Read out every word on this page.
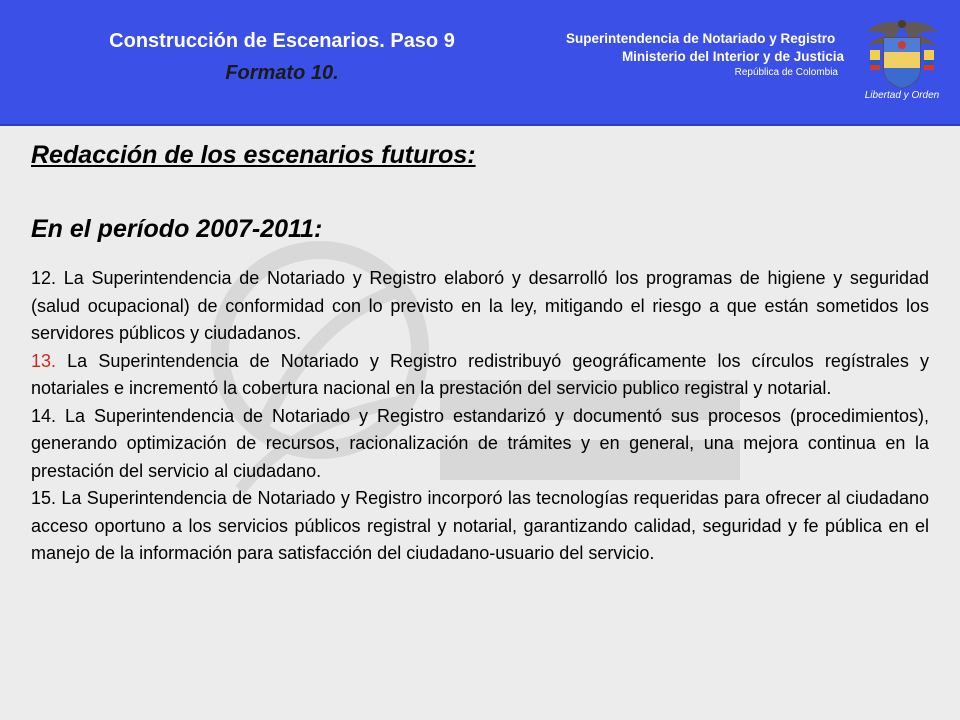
Construcción de Escenarios. Paso 9
Formato 10.
Superintendencia de Notariado y Registro
Ministerio del Interior y de Justicia
República de Colombia
Libertad y Orden

Redacción de los escenarios futuros:

En el período 2007-2011:

12. La Superintendencia de Notariado y Registro elaboró y desarrolló los programas de higiene y seguridad (salud ocupacional) de conformidad con lo previsto en la ley, mitigando el riesgo a que están sometidos los servidores públicos y ciudadanos.

13. La Superintendencia de Notariado y Registro redistribuyó geográficamente los círculos regístrales y notariales e incrementó la cobertura nacional en la prestación del servicio publico registral y notarial.

14. La Superintendencia de Notariado y Registro estandarizó y documentó sus procesos (procedimientos), generando optimización de recursos, racionalización de trámites y en general, una mejora continua en la prestación del servicio al ciudadano.

15. La Superintendencia de Notariado y Registro incorporó las tecnologías requeridas para ofrecer al ciudadano acceso oportuno a los servicios públicos registral y notarial, garantizando calidad, seguridad y fe pública en el manejo de la información para satisfacción del ciudadano-usuario del servicio.
